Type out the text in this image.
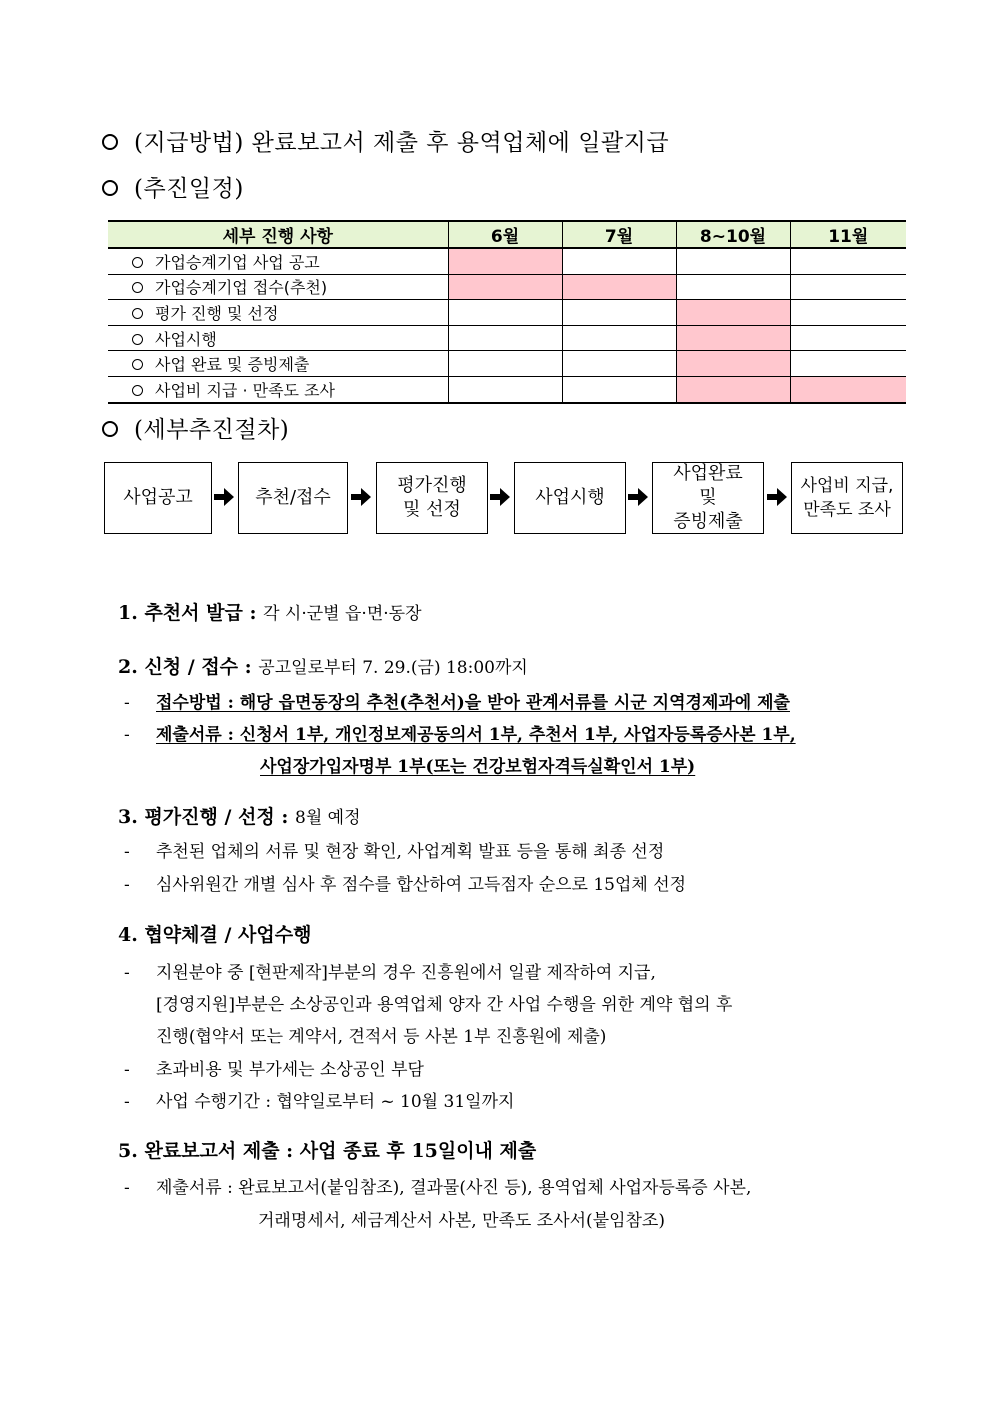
(지급방법) 완료보고서 제출 후 용역업체에 일괄지급
(추진일정)
세부 진행 사항	6월	7월	8~10월	11월
가업승계기업 사업 공고				
가업승계기업 접수(추천)				
평가 진행 및 선정				
사업시행				
사업 완료 및 증빙제출				
사업비 지급 · 만족도 조사				
(세부추진절차)
사업공고	추천/접수
평가진행
및 선정
사업시행
사업완료
및
증빙제출
사업비 지급,
만족도 조사
1. 추천서 발급 : 각 시·군별 읍·면·동장
2. 신청 / 접수 : 공고일로부터 7. 29.(금) 18:00까지
- 접수방법 : 해당 읍면동장의 추천(추천서)을 받아 관계서류를 시군 지역경제과에 제출
- 제출서류 : 신청서 1부, 개인정보제공동의서 1부, 추천서 1부, 사업자등록증사본 1부,
사업장가입자명부 1부(또는 건강보험자격득실확인서 1부)
3. 평가진행 / 선정 : 8월 예정
- 추천된 업체의 서류 및 현장 확인, 사업계획 발표 등을 통해 최종 선정
- 심사위원간 개별 심사 후 점수를 합산하여 고득점자 순으로 15업체 선정
4. 협약체결 / 사업수행
- 지원분야 중 [현판제작]부분의 경우 진흥원에서 일괄 제작하여 지급,
[경영지원]부분은 소상공인과 용역업체 양자 간 사업 수행을 위한 계약 협의 후
진행(협약서 또는 계약서, 견적서 등 사본 1부 진흥원에 제출)
- 초과비용 및 부가세는 소상공인 부담
- 사업 수행기간 : 협약일로부터 ~ 10월 31일까지
5. 완료보고서 제출 : 사업 종료 후 15일이내 제출
- 제출서류 : 완료보고서(붙임참조), 결과물(사진 등), 용역업체 사업자등록증 사본,
거래명세서, 세금계산서 사본, 만족도 조사서(붙임참조)
